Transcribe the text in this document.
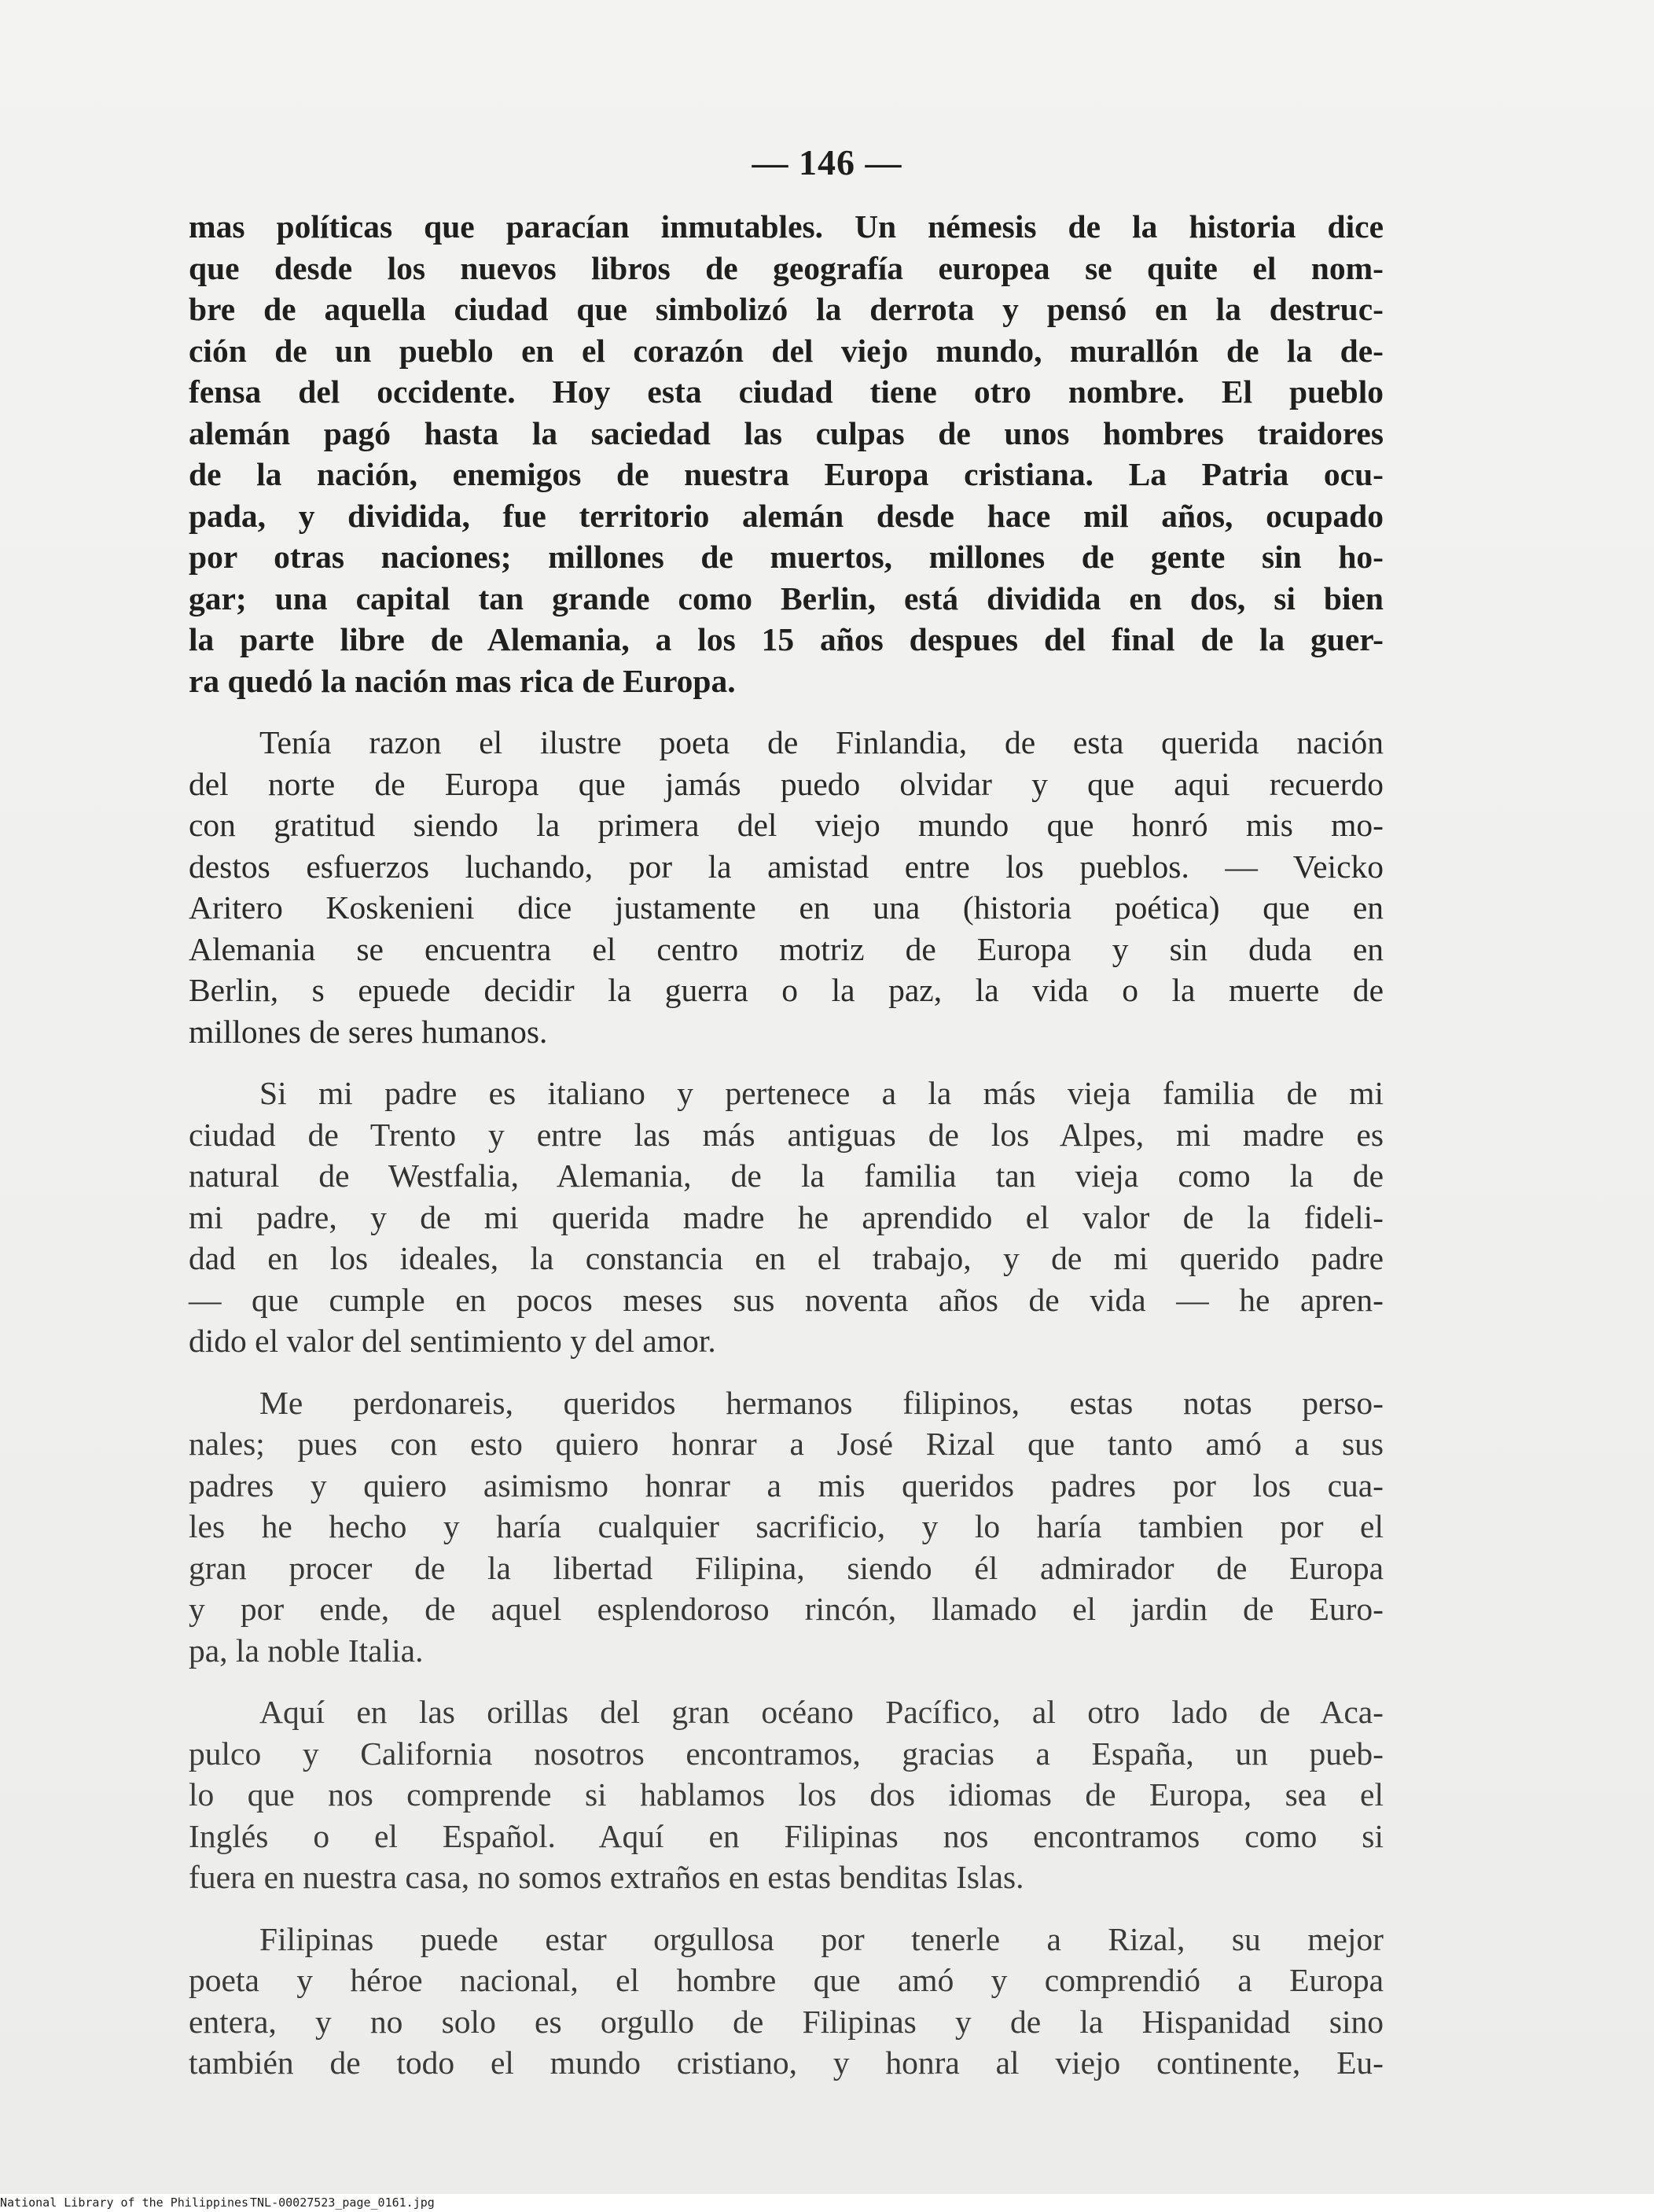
— 146 —

mas políticas que paracían inmutables. Un némesis de la historia dice
que desde los nuevos libros de geografía europea se quite el nom-
bre de aquella ciudad que simbolizó la derrota y pensó en la destruc-
ción de un pueblo en el corazón del viejo mundo, murallón de la de-
fensa del occidente. Hoy esta ciudad tiene otro nombre. El pueblo
alemán pagó hasta la saciedad las culpas de unos hombres traidores
de la nación, enemigos de nuestra Europa cristiana. La Patria ocu-
pada, y dividida, fue territorio alemán desde hace mil años, ocupado
por otras naciones; millones de muertos, millones de gente sin ho-
gar; una capital tan grande como Berlin, está dividida en dos, si bien
la parte libre de Alemania, a los 15 años despues del final de la guer-
ra quedó la nación mas rica de Europa.

Tenía razon el ilustre poeta de Finlandia, de esta querida nación
del norte de Europa que jamás puedo olvidar y que aqui recuerdo
con gratitud siendo la primera del viejo mundo que honró mis mo-
destos esfuerzos luchando, por la amistad entre los pueblos. — Veicko
Aritero Koskenieni dice justamente en una (historia poética) que en
Alemania se encuentra el centro motriz de Europa y sin duda en
Berlin, s epuede decidir la guerra o la paz, la vida o la muerte de
millones de seres humanos.

Si mi padre es italiano y pertenece a la más vieja familia de mi
ciudad de Trento y entre las más antiguas de los Alpes, mi madre es
natural de Westfalia, Alemania, de la familia tan vieja como la de
mi padre, y de mi querida madre he aprendido el valor de la fideli-
dad en los ideales, la constancia en el trabajo, y de mi querido padre
— que cumple en pocos meses sus noventa años de vida — he apren-
dido el valor del sentimiento y del amor.

Me perdonareis, queridos hermanos filipinos, estas notas perso-
nales; pues con esto quiero honrar a José Rizal que tanto amó a sus
padres y quiero asimismo honrar a mis queridos padres por los cua-
les he hecho y haría cualquier sacrificio, y lo haría tambien por el
gran procer de la libertad Filipina, siendo él admirador de Europa
y por ende, de aquel esplendoroso rincón, llamado el jardin de Euro-
pa, la noble Italia.

Aquí en las orillas del gran océano Pacífico, al otro lado de Aca-
pulco y California nosotros encontramos, gracias a España, un pueb-
lo que nos comprende si hablamos los dos idiomas de Europa, sea el
Inglés o el Español. Aquí en Filipinas nos encontramos como si
fuera en nuestra casa, no somos extraños en estas benditas Islas.

Filipinas puede estar orgullosa por tenerle a Rizal, su mejor
poeta y héroe nacional, el hombre que amó y comprendió a Europa
entera, y no solo es orgullo de Filipinas y de la Hispanidad sino
también de todo el mundo cristiano, y honra al viejo continente, Eu-

National Library of the Philippines TNL-00027523_page_0161.jpg
